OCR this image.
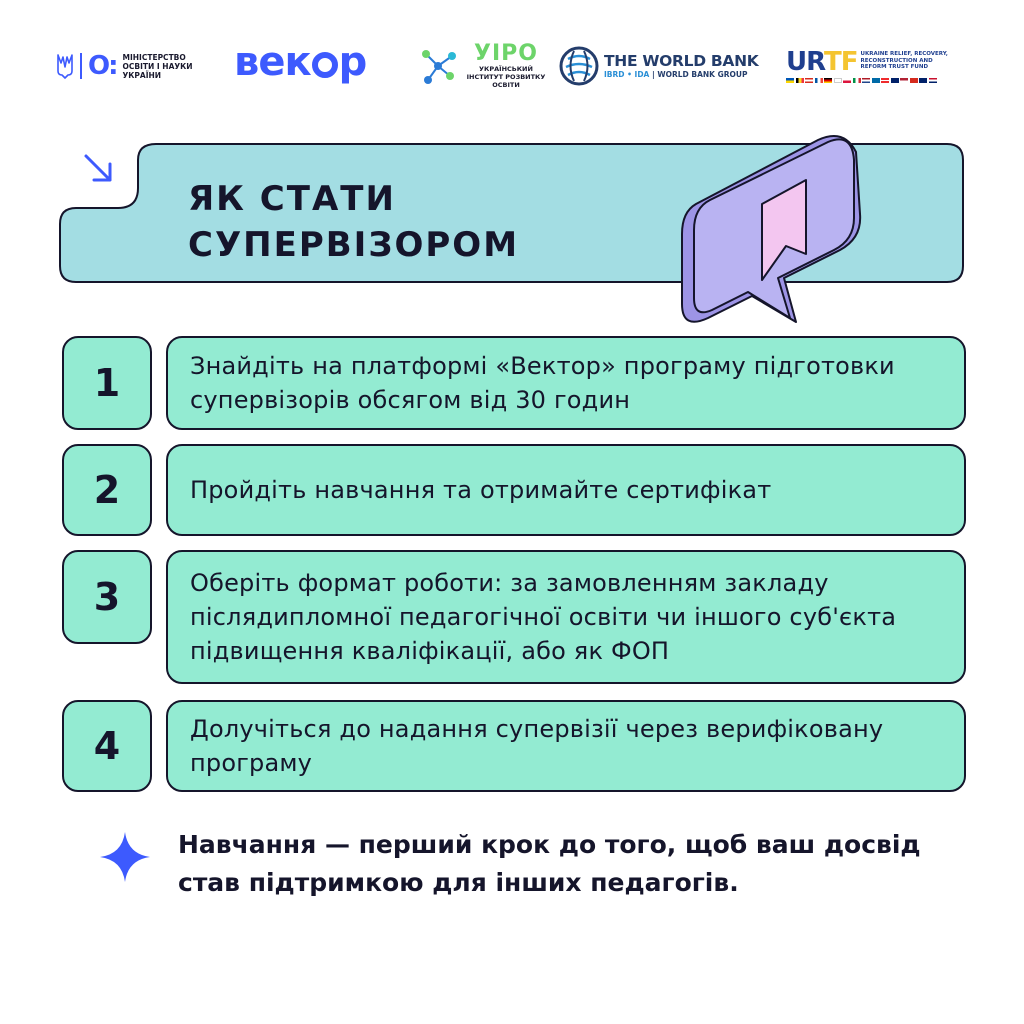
О: МІНІСТЕРСТВО ОСВІТИ І НАУКИ УКРАЇНИ	век р	УІРО
УКРАЇНСЬКИЙ ІНСТИТУТ РОЗВИТКУ ОСВІТИ
THE WORLD BANK
IBRD • IDA | WORLD BANK GROUP	URTF UKRAINE RELIEF, RECOVERY, RECONSTRUCTION AND REFORM TRUST FUND
ЯК СТАТИ
СУПЕРВІЗОРОМ
1	Знайдіть на платформі «Вектор» програму підготовки супервізорів обсягом від 30 годин
2	Пройдіть навчання та отримайте сертифікат
3	Оберіть формат роботи: за замовленням закладу післядипломної педагогічної освіти чи іншого суб'єкта підвищення кваліфікації, або як ФОП
4	Долучіться до надання супервізії через верифіковану програму

Навчання — перший крок до того, щоб ваш досвід став підтримкою для інших педагогів.
